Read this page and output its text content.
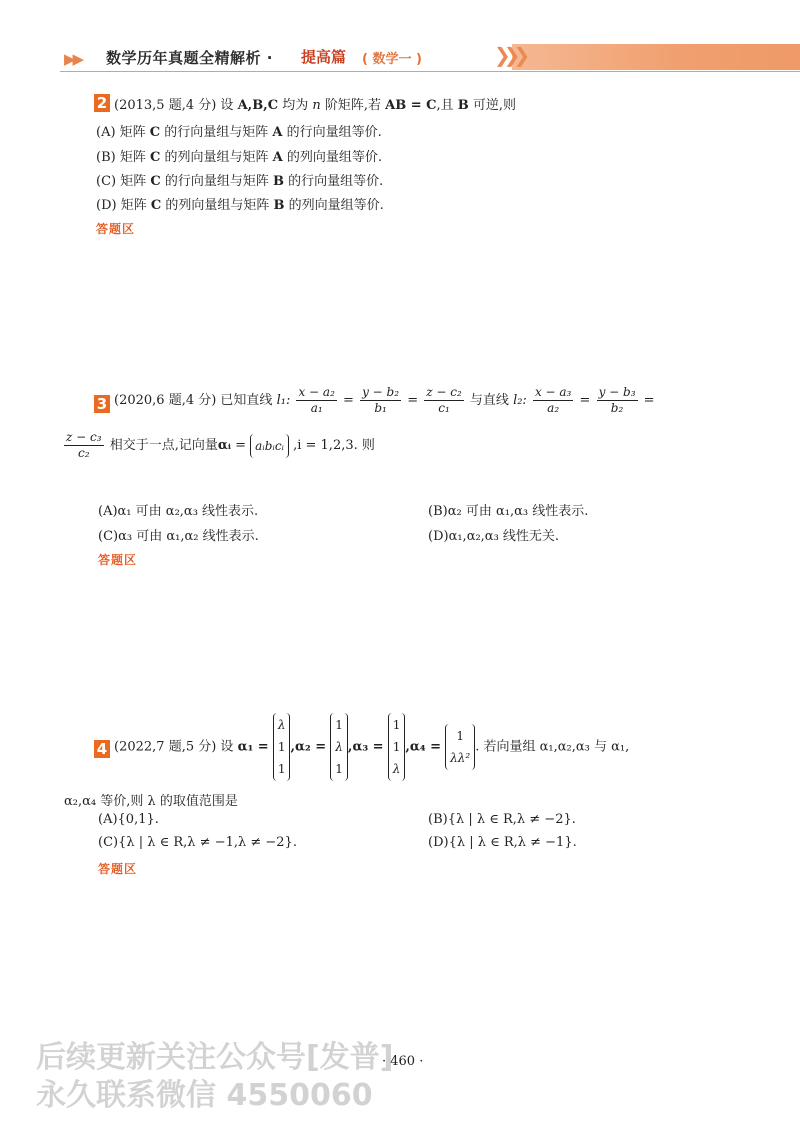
❯❯❯
▶▶ 数学历年真题全精解析 · 提高篇 ( 数学一 )
2 (2013,5 题,4 分) 设 A,B,C 均为 n 阶矩阵,若 AB = C,且 B 可逆,则
(A) 矩阵 C 的行向量组与矩阵 A 的行向量组等价.
(B) 矩阵 C 的列向量组与矩阵 A 的列向量组等价.
(C) 矩阵 C 的行向量组与矩阵 B 的行向量组等价.
(D) 矩阵 C 的列向量组与矩阵 B 的列向量组等价.
答题区
3 (2020,6 题,4 分) 已知直线 l₁: $\frac{\text{x − a₂}}{\text{a₁}} = \frac{\text{y − b₂}}{\text{b₁}} = \frac{\text{z − c₂}}{\text{c₁}}$ 与直线 l₂: $\frac{\text{x − a₃}}{\text{a₂}} = \frac{\text{y − b₃}}{\text{b₂}}$ =
$\frac{\text{z − c₃}}{\text{c₂}}$ 相交于一点,记向量αᵢ = aᵢbᵢcᵢ ,i = 1,2,3. 则
(A)α₁ 可由 α₂,α₃ 线性表示.	(B)α₂ 可由 α₁,α₃ 线性表示.
(C)α₃ 可由 α₁,α₂ 线性表示.	(D)α₁,α₂,α₃ 线性无关.
答题区
4 (2022,7 题,5 分) 设 α₁ = λ
1
1
,α₂ =
1
λ
1
,α₃ =
1
1
λ,α₄ =
1
λλ². 若向量组 α₁,α₂,α₃ 与 α₁,
α₂,α₄ 等价,则 λ 的取值范围是
(A){0,1}.	(B){λ | λ ∈ R,λ ≠ −2}.
(C){λ | λ ∈ R,λ ≠ −1,λ ≠ −2}.	(D){λ | λ ∈ R,λ ≠ −1}.
答题区
后续更新关注公众号[发普]
永久联系微信 4550060
· 460 ·
